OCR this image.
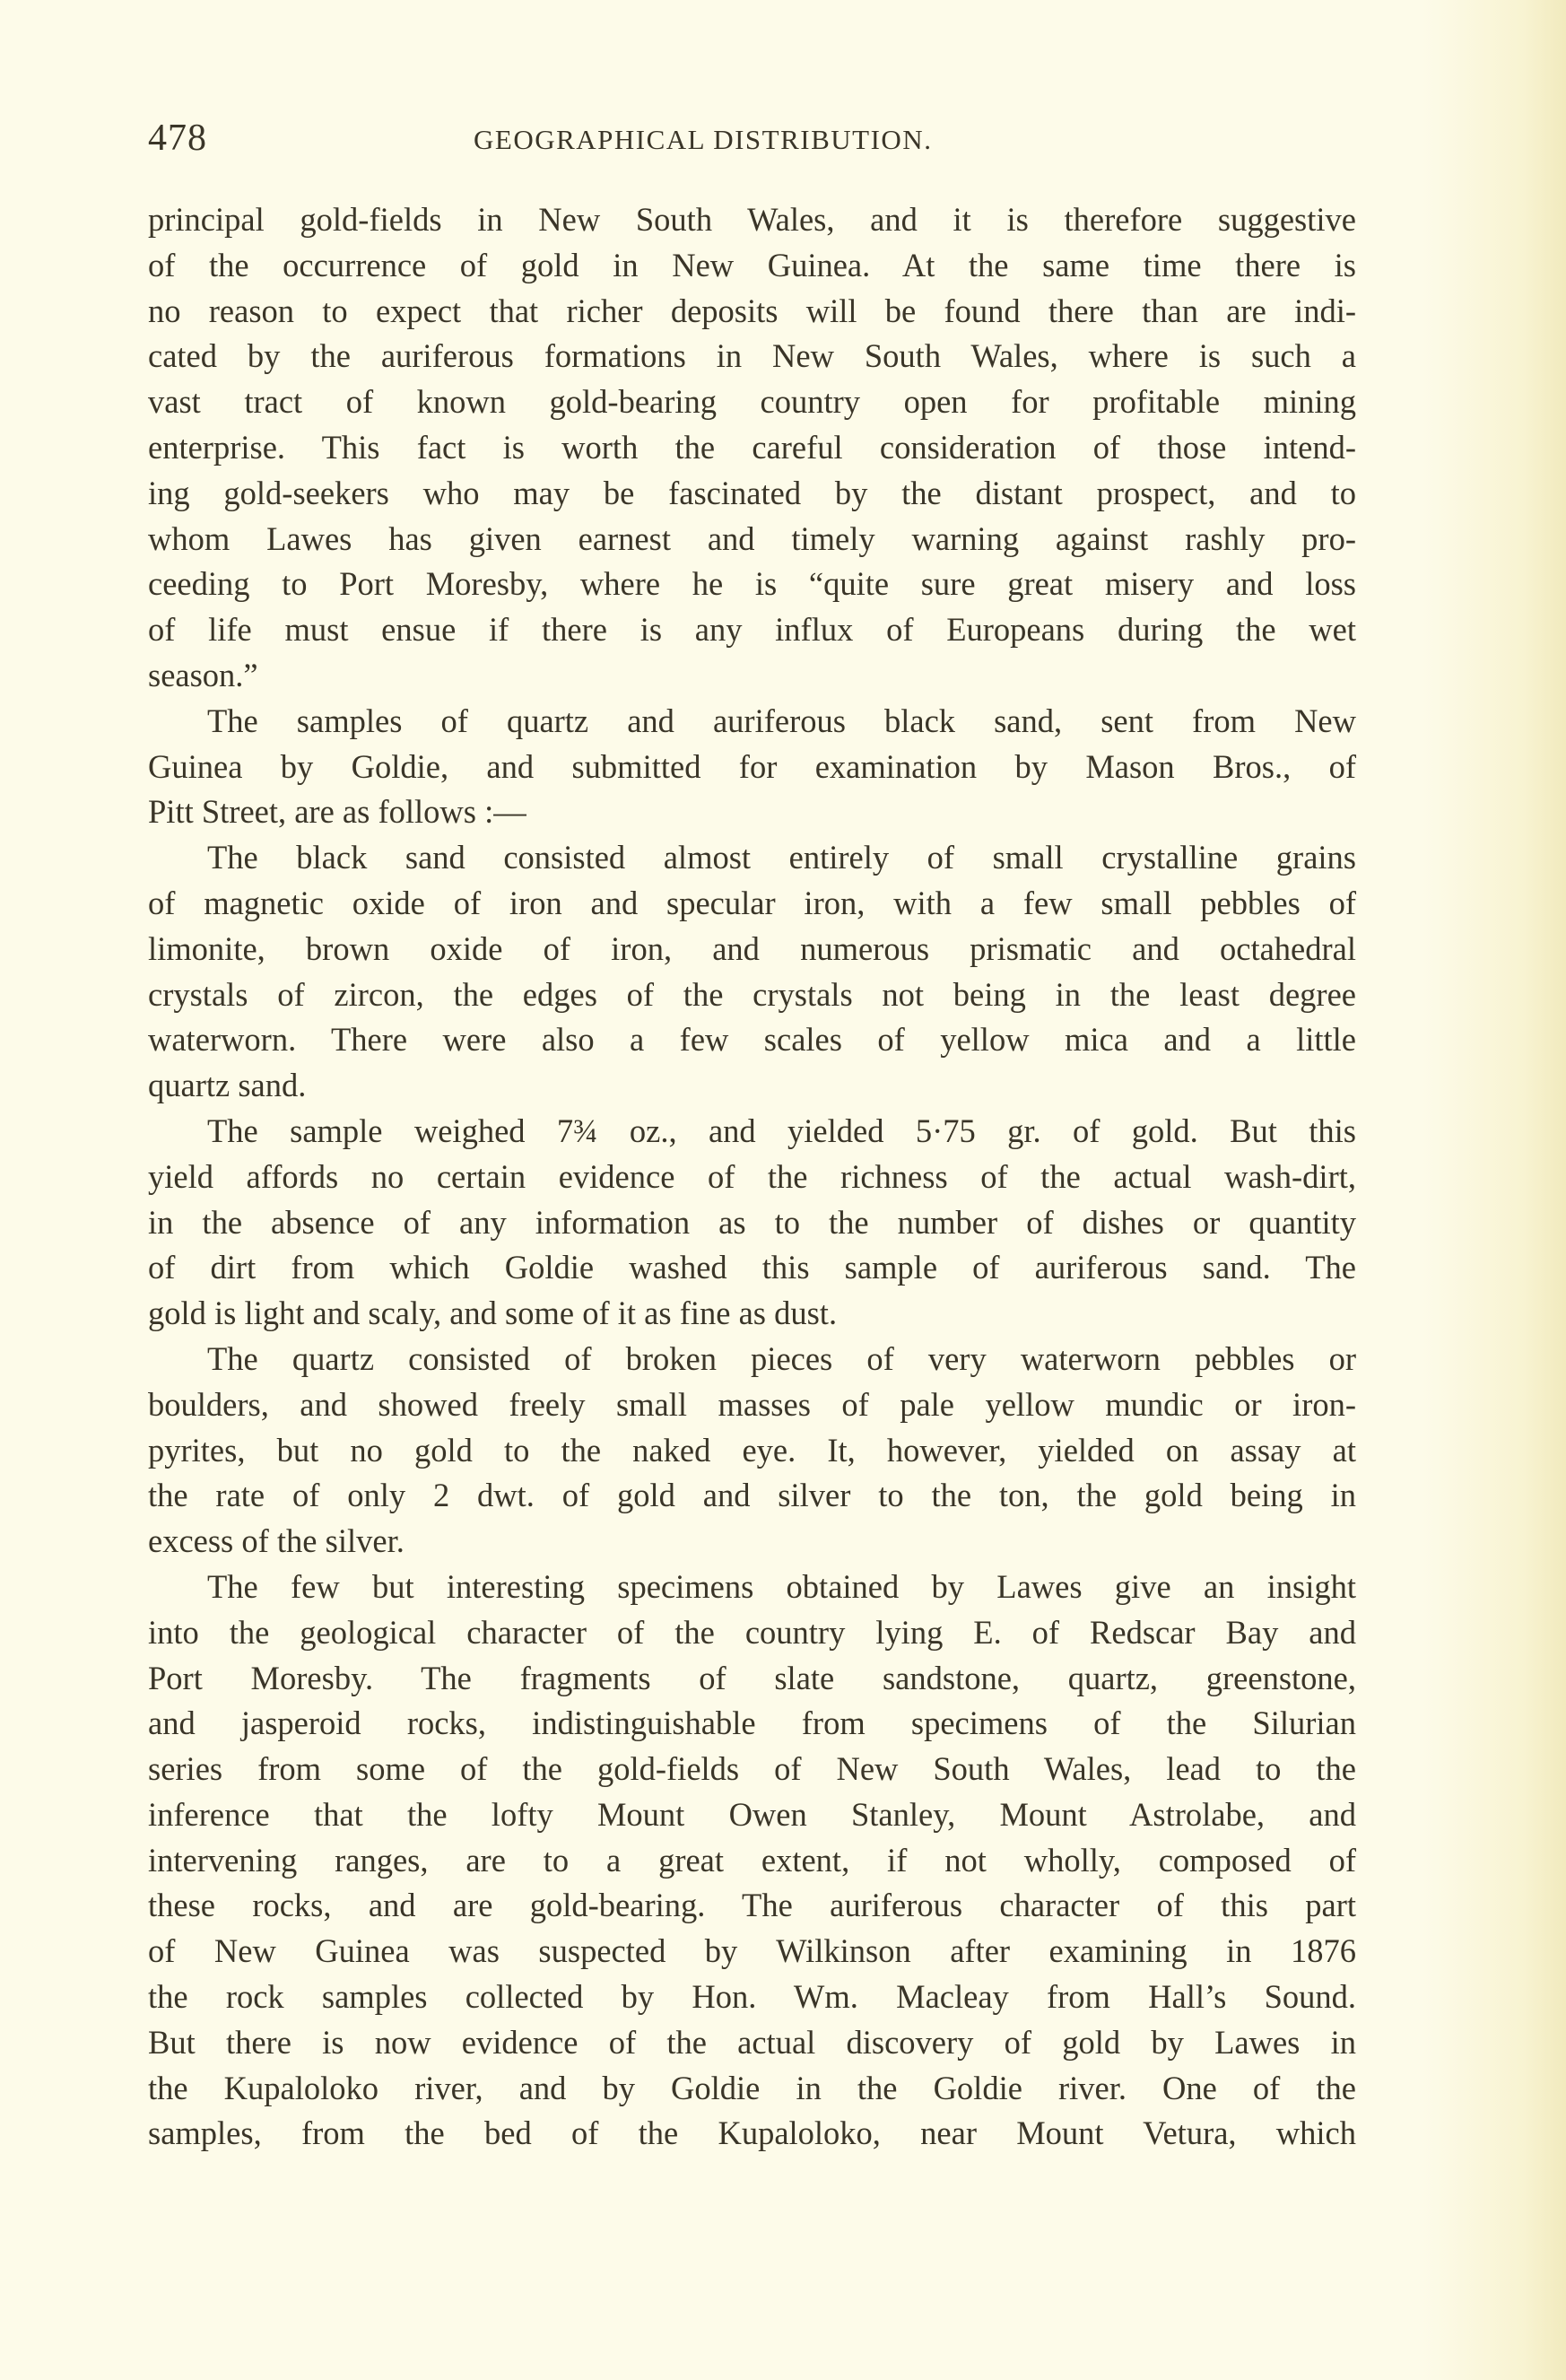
478	GEOGRAPHICAL DISTRIBUTION.
principal gold-fields in New South Wales, and it is therefore suggestive
of the occurrence of gold in New Guinea. At the same time there is
no reason to expect that richer deposits will be found there than are indi-
cated by the auriferous formations in New South Wales, where is such a
vast tract of known gold-bearing country open for profitable mining
enterprise. This fact is worth the careful consideration of those intend-
ing gold-seekers who may be fascinated by the distant prospect, and to
whom Lawes has given earnest and timely warning against rashly pro-
ceeding to Port Moresby, where he is “quite sure great misery and loss
of life must ensue if there is any influx of Europeans during the wet
season.”
The samples of quartz and auriferous black sand, sent from New
Guinea by Goldie, and submitted for examination by Mason Bros., of
Pitt Street, are as follows :—
The black sand consisted almost entirely of small crystalline grains
of magnetic oxide of iron and specular iron, with a few small pebbles of
limonite, brown oxide of iron, and numerous prismatic and octahedral
crystals of zircon, the edges of the crystals not being in the least degree
waterworn. There were also a few scales of yellow mica and a little
quartz sand.
The sample weighed 7¾ oz., and yielded 5·75 gr. of gold. But this
yield affords no certain evidence of the richness of the actual wash-dirt,
in the absence of any information as to the number of dishes or quantity
of dirt from which Goldie washed this sample of auriferous sand. The
gold is light and scaly, and some of it as fine as dust.
The quartz consisted of broken pieces of very waterworn pebbles or
boulders, and showed freely small masses of pale yellow mundic or iron-
pyrites, but no gold to the naked eye. It, however, yielded on assay at
the rate of only 2 dwt. of gold and silver to the ton, the gold being in
excess of the silver.
The few but interesting specimens obtained by Lawes give an insight
into the geological character of the country lying E. of Redscar Bay and
Port Moresby. The fragments of slate sandstone, quartz, greenstone,
and jasperoid rocks, indistinguishable from specimens of the Silurian
series from some of the gold-fields of New South Wales, lead to the
inference that the lofty Mount Owen Stanley, Mount Astrolabe, and
intervening ranges, are to a great extent, if not wholly, composed of
these rocks, and are gold-bearing. The auriferous character of this part
of New Guinea was suspected by Wilkinson after examining in 1876
the rock samples collected by Hon. Wm. Macleay from Hall’s Sound.
But there is now evidence of the actual discovery of gold by Lawes in
the Kupaloloko river, and by Goldie in the Goldie river. One of the
samples, from the bed of the Kupaloloko, near Mount Vetura, which
